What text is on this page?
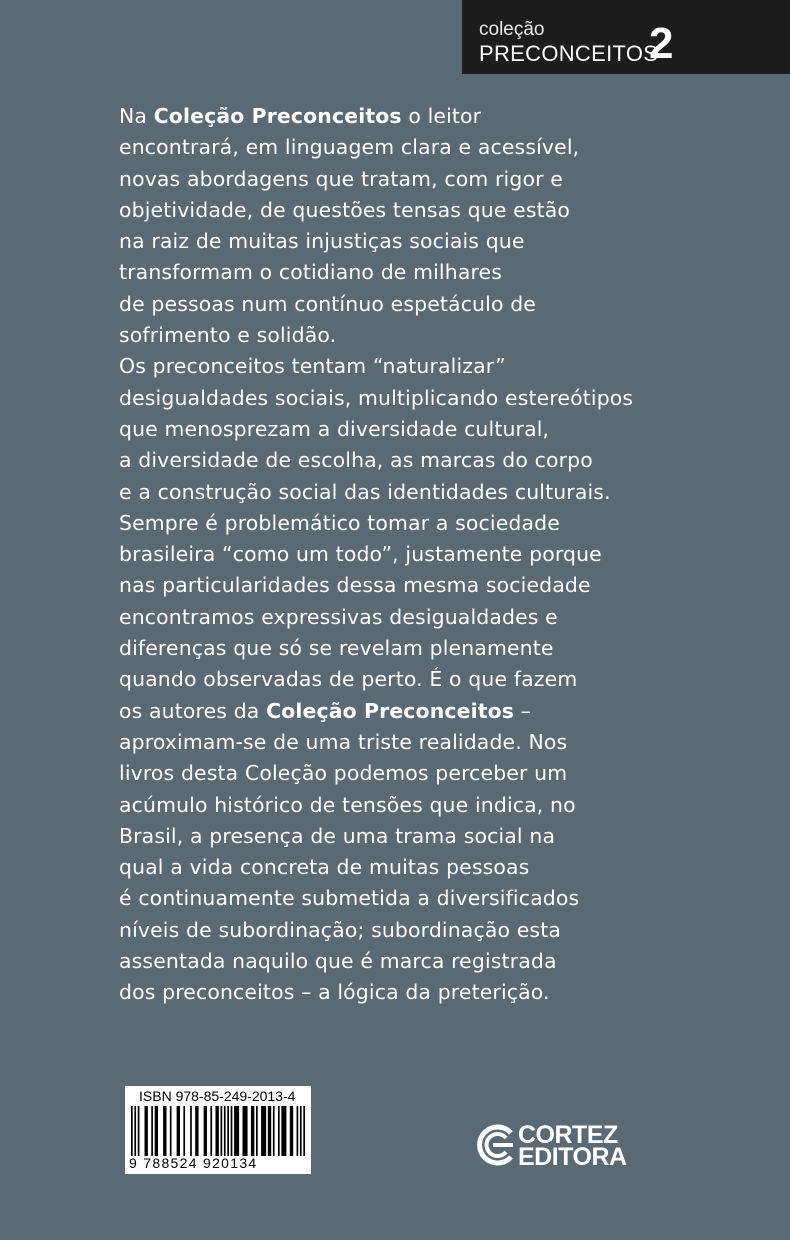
coleção
PRECONCEITOS
2
Na Coleção Preconceitos o leitor
encontrará, em linguagem clara e acessível,
novas abordagens que tratam, com rigor e
objetividade, de questões tensas que estão
na raiz de muitas injustiças sociais que
transformam o cotidiano de milhares
de pessoas num contínuo espetáculo de
sofrimento e solidão.
Os preconceitos tentam “naturalizar”
desigualdades sociais, multiplicando estereótipos
que menosprezam a diversidade cultural,
a diversidade de escolha, as marcas do corpo
e a construção social das identidades culturais.
Sempre é problemático tomar a sociedade
brasileira “como um todo”, justamente porque
nas particularidades dessa mesma sociedade
encontramos expressivas desigualdades e
diferenças que só se revelam plenamente
quando observadas de perto. É o que fazem
os autores da Coleção Preconceitos –
aproximam-se de uma triste realidade. Nos
livros desta Coleção podemos perceber um
acúmulo histórico de tensões que indica, no
Brasil, a presença de uma trama social na
qual a vida concreta de muitas pessoas
é continuamente submetida a diversificados
níveis de subordinação; subordinação esta
assentada naquilo que é marca registrada
dos preconceitos – a lógica da preterição.
ISBN 978-85-249-2013-4
9 788524 920134
CORTEZ
EDITORA
